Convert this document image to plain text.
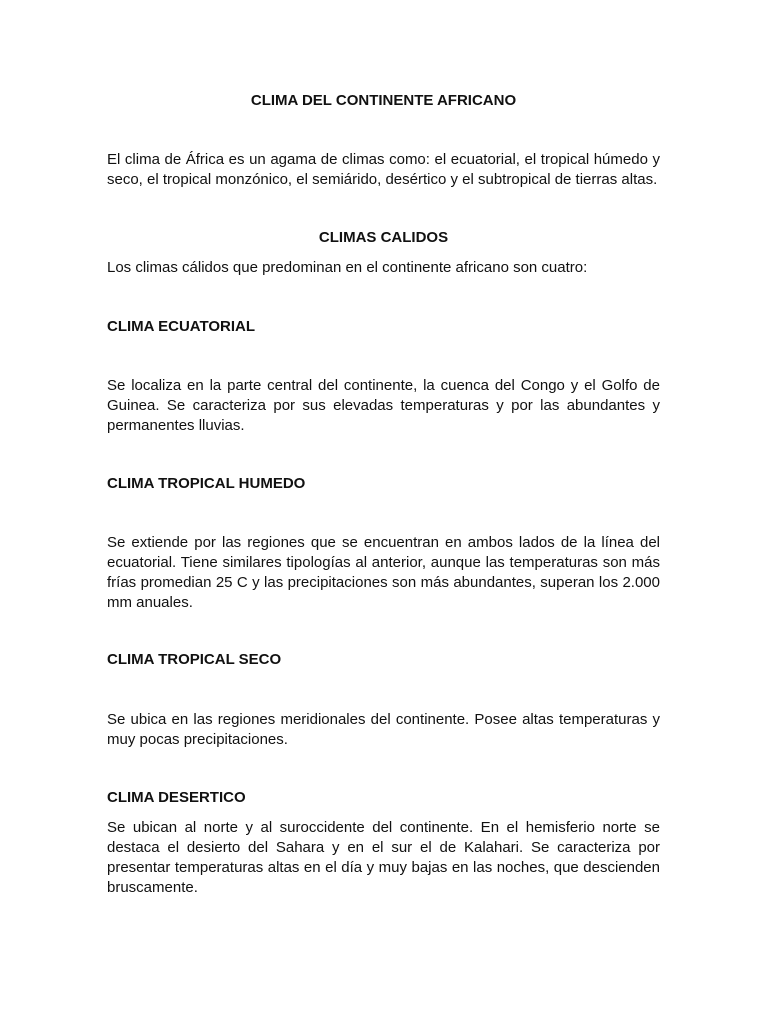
CLIMA DEL CONTINENTE AFRICANO

El clima de África es un agama de climas como: el ecuatorial, el tropical húmedo y seco, el tropical monzónico, el semiárido, desértico y el subtropical de tierras altas.

CLIMAS CALIDOS

Los climas cálidos que predominan en el continente africano son cuatro:

CLIMA ECUATORIAL

Se localiza en la parte central del continente, la cuenca del Congo y el Golfo de Guinea. Se caracteriza por sus elevadas temperaturas y por las abundantes y permanentes lluvias.

CLIMA TROPICAL HUMEDO

Se extiende por las regiones que se encuentran en ambos lados de la línea del ecuatorial. Tiene similares tipologías al anterior, aunque las temperaturas son más frías promedian 25 C y las precipitaciones son más abundantes, superan los 2.000 mm anuales.

CLIMA TROPICAL SECO

Se ubica en las regiones meridionales del continente. Posee altas temperaturas y muy pocas precipitaciones.

CLIMA DESERTICO

Se ubican al norte y al suroccidente del continente. En el hemisferio norte se destaca el desierto del Sahara y en el sur el de Kalahari. Se caracteriza por presentar temperaturas altas en el día y muy bajas en las noches, que descienden bruscamente.
